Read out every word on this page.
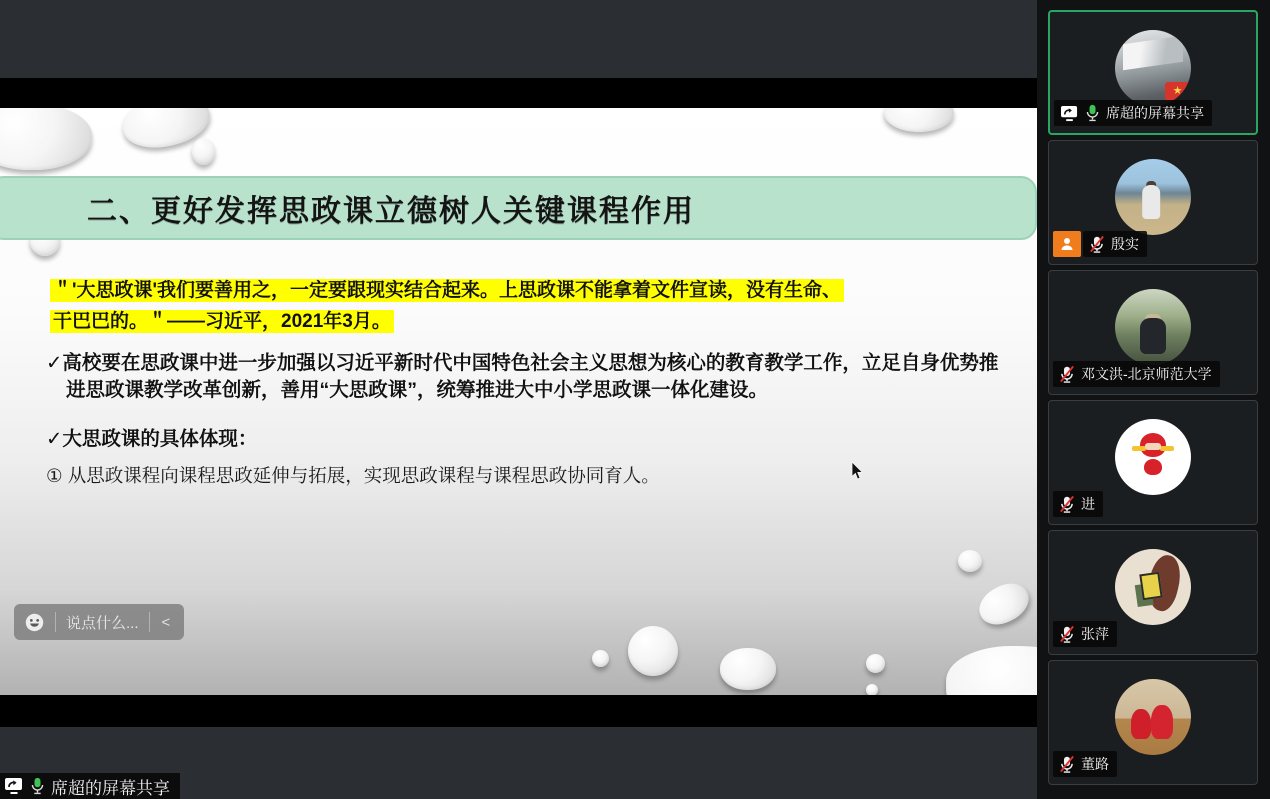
二、更好发挥思政课立德树人关键课程作用
＂'大思政课'我们要善用之，一定要跟现实结合起来。上思政课不能拿着文件宣读，没有生命、
干巴巴的。＂——习近平，2021年3月。
✓高校要在思政课中进一步加强以习近平新时代中国特色社会主义思想为核心的教育教学工作，立足自身优势推进思政课教学改革创新，善用“大思政课”，统筹推进大中小学思政课一体化建设。
✓大思政课的具体体现：
① 从思政课程向课程思政延伸与拓展，实现思政课程与课程思政协同育人。
说点什么... <
席超的屏幕共享
★
席超的屏幕共享
殷实
邓文洪-北京师范大学
进
张萍
董路
